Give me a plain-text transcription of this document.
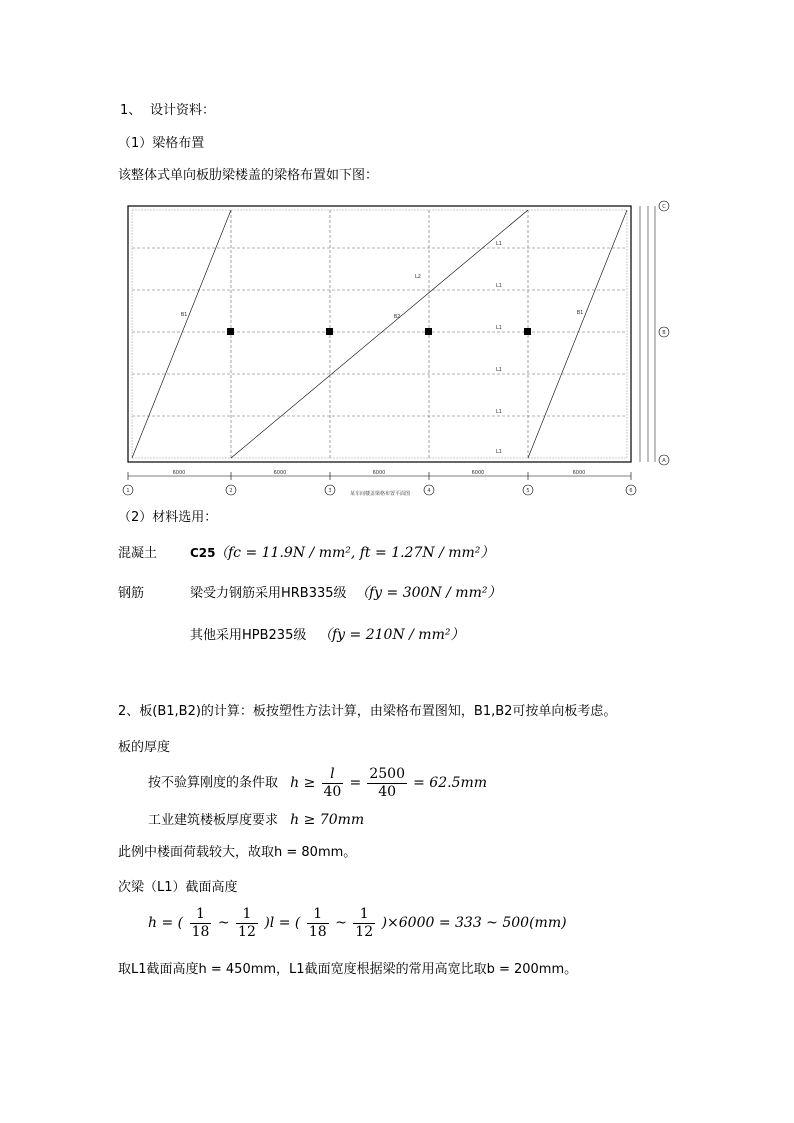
1、 设计资料：
（1）梁格布置
该整体式单向板肋梁楼盖的梁格布置如下图：
6000	6000	6000	6000	6000
1	2	3	4	5	6
C
B
A
某车间楼盖梁格布置平面图
B1	B2
B1
L2
L1
L1
L1
L1
L1
L1
（2）材料选用：
混凝土	C25
（fc = 11.9N / mm², ft = 1.27N / mm²）
钢筋	梁受力钢筋采用HRB335级 （fy = 300N / mm²）
其他采用HPB235级 （fy = 210N / mm²）
2、板(B1,B2)的计算：板按塑性方法计算，由梁格布置图知，B1,B2可按单向板考虑。
板的厚度
按不验算刚度的条件取 $h \ge \frac{l}{40} = \frac{2500}{40} = 62.5mm$
工业建筑楼板厚度要求 h ≥ 70mm
此例中楼面荷载较大，故取h = 80mm。
次梁（L1）截面高度
h = ( $\frac{1}{18}$ ~ $\frac{1}{12} )l$ = ( $\frac{1}{18}$ ~ $\frac{1}{12} )\times 6000 = 333$ ~ 500(mm)
取L1截面高度h = 450mm，L1截面宽度根据梁的常用高宽比取b = 200mm。
